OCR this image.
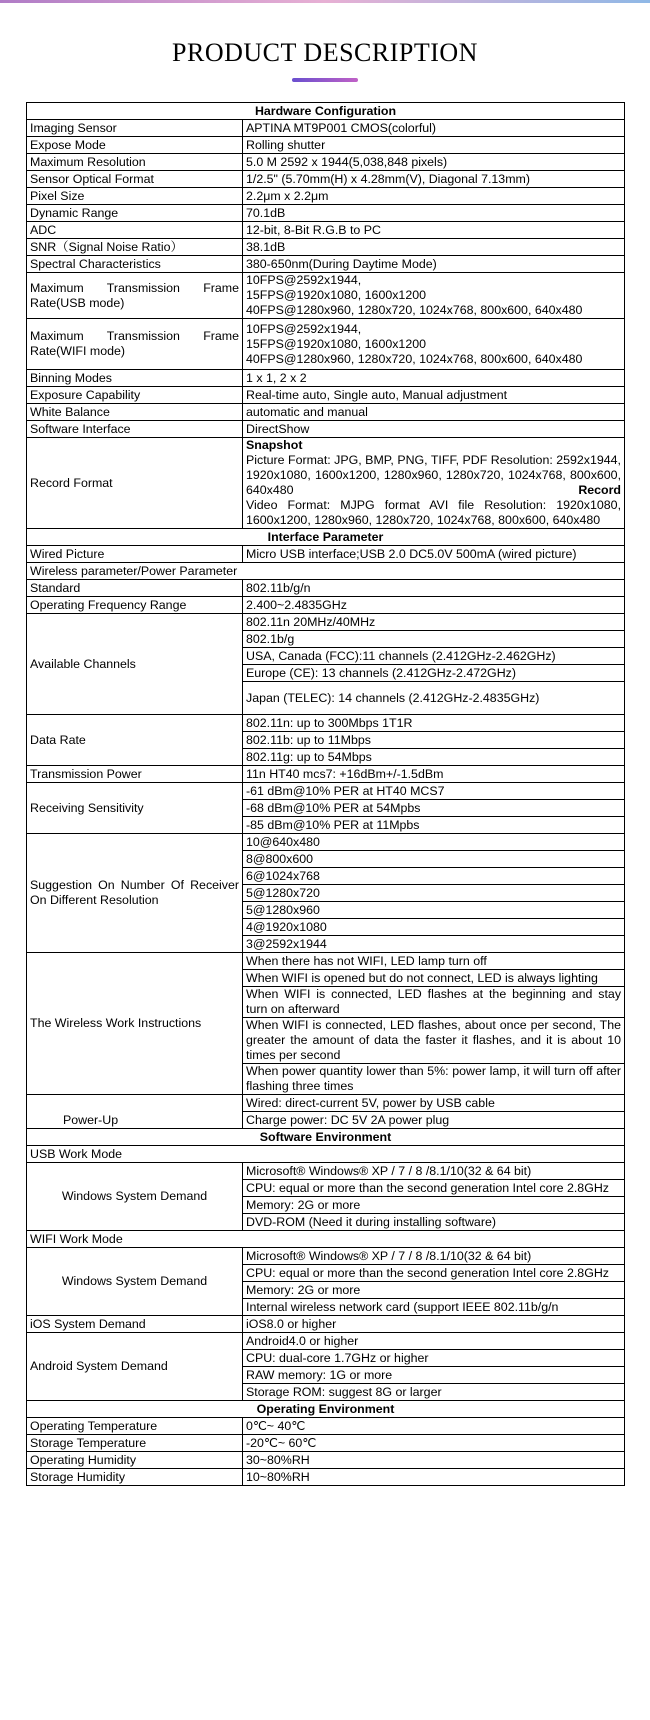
PRODUCT DESCRIPTION
Hardware Configuration	
Imaging Sensor	APTINA MT9P001 CMOS(colorful)
Expose Mode	Rolling shutter
Maximum Resolution	5.0 M 2592 x 1944(5,038,848 pixels)
Sensor Optical Format	1/2.5" (5.70mm(H) x 4.28mm(V), Diagonal 7.13mm)
Pixel Size	2.2μm x 2.2μm
Dynamic Range	70.1dB
ADC	12-bit, 8-Bit R.G.B to PC
SNR（Signal Noise Ratio）	38.1dB
Spectral Characteristics	380-650nm(During Daytime Mode)
Maximum Transmission Frame Rate(USB mode)	10FPS@2592x1944,
15FPS@1920x1080, 1600x1200
40FPS@1280x960, 1280x720, 1024x768, 800x600, 640x480

Maximum Transmission Frame Rate(WIFI mode)	10FPS@2592x1944,
15FPS@1920x1080, 1600x1200
40FPS@1280x960, 1280x720, 1024x768, 800x600, 640x480

Binning Modes	1 x 1, 2 x 2
Exposure Capability	Real-time auto, Single auto, Manual adjustment
White Balance	automatic and manual
Software Interface	DirectShow
Record Format	Snapshot
Picture Format: JPG, BMP, PNG, TIFF, PDF Resolution: 2592x1944, 1920x1080, 1600x1200, 1280x960, 1280x720, 1024x768, 800x600, 640x480 Record
Video Format: MJPG format AVI file Resolution: 1920x1080, 1600x1200, 1280x960, 1280x720, 1024x768, 800x600, 640x480

Interface Parameter	
Wired Picture	Micro USB interface;USB 2.0 DC5.0V 500mA (wired picture)
Wireless parameter/Power Parameter	
Standard	802.11b/g/n
Operating Frequency Range	2.400~2.4835GHz
Available Channels	802.11n 20MHz/40MHz
	802.1b/g
	USA, Canada (FCC):11 channels (2.412GHz-2.462GHz)
	Europe (CE): 13 channels (2.412GHz-2.472GHz)
	Japan (TELEC): 14 channels (2.412GHz-2.4835GHz)
Data Rate	802.11n: up to 300Mbps 1T1R
	802.11b: up to 11Mbps
	802.11g: up to 54Mbps
Transmission Power	11n HT40 mcs7: +16dBm+/-1.5dBm
Receiving Sensitivity	-61 dBm@10% PER at HT40 MCS7
	-68 dBm@10% PER at 54Mpbs
	-85 dBm@10% PER at 11Mpbs
Suggestion On Number Of Receiver On Different Resolution	10@640x480
	8@800x600
	6@1024x768
	5@1280x720
	5@1280x960
	4@1920x1080
	3@2592x1944
The Wireless Work Instructions	When there has not WIFI, LED lamp turn off
	When WIFI is opened but do not connect, LED is always lighting
	When WIFI is connected, LED flashes at the beginning and stay turn on afterward
	When WIFI is connected, LED flashes, about once per second, The greater the amount of data the faster it flashes, and it is about 10 times per second
	When power quantity lower than 5%: power lamp, it will turn off after flashing three times
Power-Up	Wired: direct-current 5V, power by USB cable
	Charge power: DC 5V 2A power plug
Software Environment	
USB Work Mode	
Windows System Demand	Microsoft® Windows® XP / 7 / 8 /8.1/10(32 & 64 bit)
	CPU: equal or more than the second generation Intel core 2.8GHz
	Memory: 2G or more
	DVD-ROM (Need it during installing software)
WIFI Work Mode	
Windows System Demand	Microsoft® Windows® XP / 7 / 8 /8.1/10(32 & 64 bit)
	CPU: equal or more than the second generation Intel core 2.8GHz
	Memory: 2G or more
	Internal wireless network card (support IEEE 802.11b/g/n
iOS System Demand	iOS8.0 or higher
Android System Demand	Android4.0 or higher
	CPU: dual-core 1.7GHz or higher
	RAW memory: 1G or more
	Storage ROM: suggest 8G or larger
Operating Environment	
Operating Temperature	0℃~ 40℃
Storage Temperature	-20℃~ 60℃
Operating Humidity	30~80%RH
Storage Humidity	10~80%RH
